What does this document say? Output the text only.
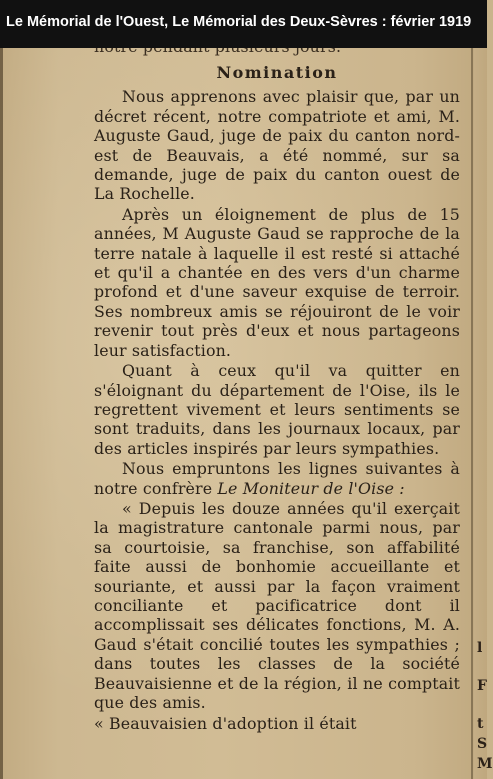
Le Mémorial de l'Ouest, Le Mémorial des Deux-Sèvres : février 1919
l
F
t
S
M
Nomination

Nous apprenons avec plaisir que, par un décret récent, notre compatriote et ami, M. Auguste Gaud, juge de paix du canton nord-est de Beauvais, a été nommé, sur sa demande, juge de paix du canton ouest de La Rochelle.

Après un éloignement de plus de 15 années, M Auguste Gaud se rapproche de la terre natale à laquelle il est resté si attaché et qu'il a chantée en des vers d'un charme profond et d'une saveur exquise de terroir. Ses nombreux amis se réjouiront de le voir revenir tout près d'eux et nous partageons leur satisfaction.

Quant à ceux qu'il va quitter en s'éloignant du département de l'Oise, ils le regrettent vivement et leurs sentiments se sont traduits, dans les journaux locaux, par des articles inspirés par leurs sympathies.

Nous empruntons les lignes suivantes à notre confrère Le Moniteur de l'Oise :

« Depuis les douze années qu'il exerçait la magistrature cantonale parmi nous, par sa courtoisie, sa franchise, son affabilité faite aussi de bonhomie accueillante et souriante, et aussi par la façon vraiment conciliante et pacificatrice dont il accomplissait ses délicates fonctions, M. A. Gaud s'était concilié toutes les sympathies ; dans toutes les classes de la société Beauvaisienne et de la région, il ne comptait que des amis.

« Beauvaisien d'adoption il était
